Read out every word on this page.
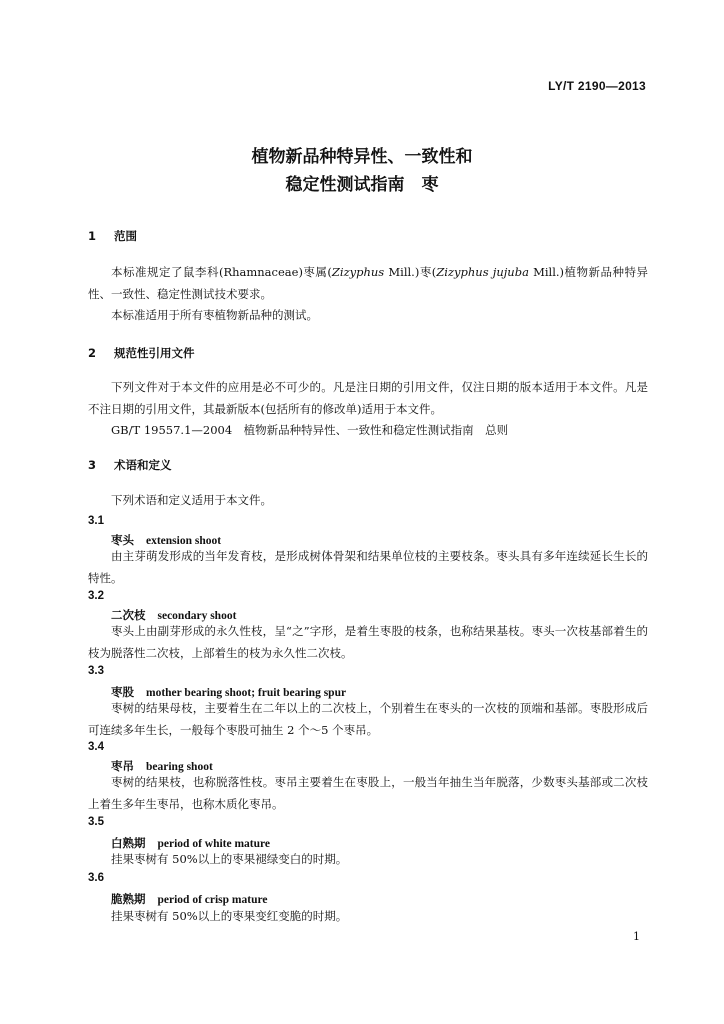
LY/T 2190—2013
植物新品种特异性、一致性和
稳定性测试指南　枣
1 范围

本标准规定了鼠李科(Rhamnaceae)枣属(Zizyphus Mill.)枣(Zizyphus jujuba Mill.)植物新品种特异性、一致性、稳定性测试技术要求。

本标准适用于所有枣植物新品种的测试。

2 规范性引用文件

下列文件对于本文件的应用是必不可少的。凡是注日期的引用文件，仅注日期的版本适用于本文件。凡是不注日期的引用文件，其最新版本(包括所有的修改单)适用于本文件。

GB/T 19557.1—2004　植物新品种特异性、一致性和稳定性测试指南　总则

3 术语和定义

下列术语和定义适用于本文件。

3.1
枣头 extension shoot

由主芽萌发形成的当年发育枝，是形成树体骨架和结果单位枝的主要枝条。枣头具有多年连续延长生长的特性。

3.2
二次枝 secondary shoot

枣头上由副芽形成的永久性枝，呈“之”字形，是着生枣股的枝条，也称结果基枝。枣头一次枝基部着生的枝为脱落性二次枝，上部着生的枝为永久性二次枝。

3.3
枣股 mother bearing shoot; fruit bearing spur

枣树的结果母枝，主要着生在二年以上的二次枝上，个别着生在枣头的一次枝的顶端和基部。枣股形成后可连续多年生长，一般每个枣股可抽生 2 个～5 个枣吊。

3.4
枣吊 bearing shoot

枣树的结果枝，也称脱落性枝。枣吊主要着生在枣股上，一般当年抽生当年脱落，少数枣头基部或二次枝上着生多年生枣吊，也称木质化枣吊。

3.5
白熟期 period of white mature

挂果枣树有 50%以上的枣果褪绿变白的时期。

3.6
脆熟期 period of crisp mature

挂果枣树有 50%以上的枣果变红变脆的时期。

1
